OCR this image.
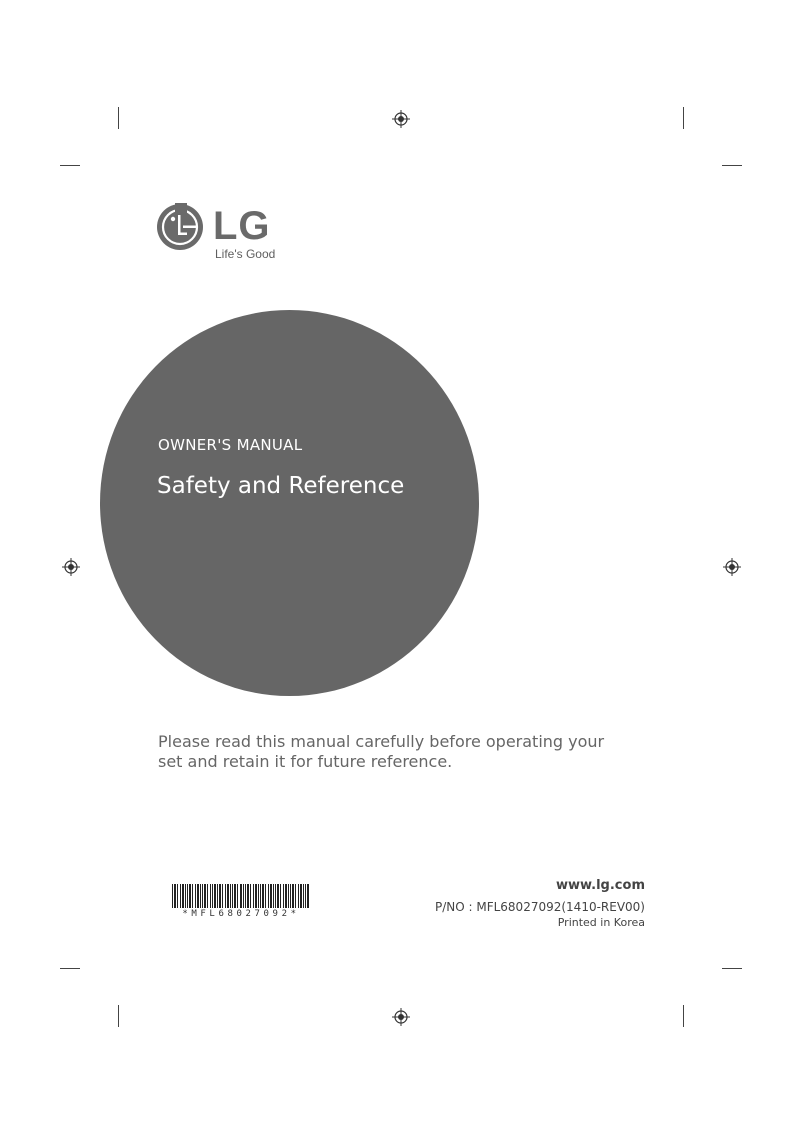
LG
Life's Good
OWNER'S MANUAL
Safety and Reference
Please read this manual carefully before operating your set and retain it for future reference.
*MFL68027092*
www.lg.com
P/NO : MFL68027092(1410-REV00)
Printed in Korea
